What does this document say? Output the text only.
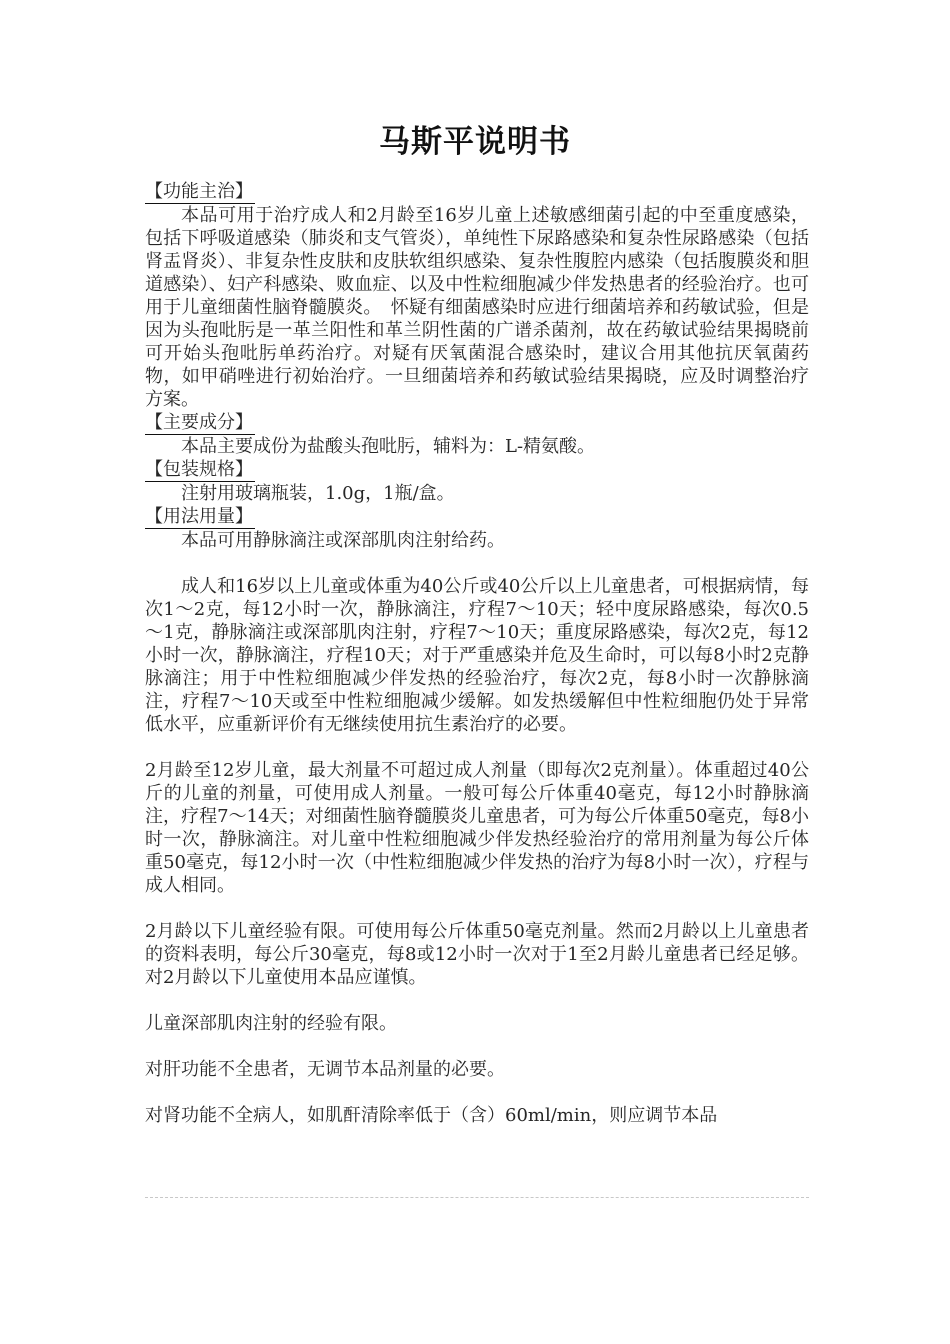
马斯平说明书
【功能主治】

本品可用于治疗成人和2月龄至16岁儿童上述敏感细菌引起的中至重度感染，包括下呼吸道感染（肺炎和支气管炎），单纯性下尿路感染和复杂性尿路感染（包括肾盂肾炎）、非复杂性皮肤和皮肤软组织感染、复杂性腹腔内感染（包括腹膜炎和胆道感染）、妇产科感染、败血症、以及中性粒细胞减少伴发热患者的经验治疗。也可用于儿童细菌性脑脊髓膜炎。　怀疑有细菌感染时应进行细菌培养和药敏试验，但是因为头孢吡肟是一革兰阳性和革兰阴性菌的广谱杀菌剂，故在药敏试验结果揭晓前可开始头孢吡肟单药治疗。对疑有厌氧菌混合感染时，建议合用其他抗厌氧菌药物，如甲硝唑进行初始治疗。一旦细菌培养和药敏试验结果揭晓，应及时调整治疗方案。

【主要成分】

本品主要成份为盐酸头孢吡肟，辅料为：L-精氨酸。

【包装规格】

注射用玻璃瓶装，1.0g，1瓶/盒。

【用法用量】

本品可用静脉滴注或深部肌肉注射给药。

成人和16岁以上儿童或体重为40公斤或40公斤以上儿童患者，可根据病情，每次1～2克，每12小时一次，静脉滴注，疗程7～10天；轻中度尿路感染，每次0.5～1克，静脉滴注或深部肌肉注射，疗程7～10天；重度尿路感染，每次2克，每12小时一次，静脉滴注，疗程10天；对于严重感染并危及生命时，可以每8小时2克静脉滴注；用于中性粒细胞减少伴发热的经验治疗，每次2克，每8小时一次静脉滴注，疗程7～10天或至中性粒细胞减少缓解。如发热缓解但中性粒细胞仍处于异常低水平，应重新评价有无继续使用抗生素治疗的必要。

2月龄至12岁儿童，最大剂量不可超过成人剂量（即每次2克剂量）。体重超过40公斤的儿童的剂量，可使用成人剂量。一般可每公斤体重40毫克，每12小时静脉滴注，疗程7～14天；对细菌性脑脊髓膜炎儿童患者，可为每公斤体重50毫克，每8小时一次，静脉滴注。对儿童中性粒细胞减少伴发热经验治疗的常用剂量为每公斤体重50毫克，每12小时一次（中性粒细胞减少伴发热的治疗为每8小时一次），疗程与成人相同。

2月龄以下儿童经验有限。可使用每公斤体重50毫克剂量。然而2月龄以上儿童患者的资料表明，每公斤30毫克，每8或12小时一次对于1至2月龄儿童患者已经足够。对2月龄以下儿童使用本品应谨慎。

儿童深部肌肉注射的经验有限。

对肝功能不全患者，无调节本品剂量的必要。

对肾功能不全病人，如肌酐清除率低于（含）60ml/min，则应调节本品
